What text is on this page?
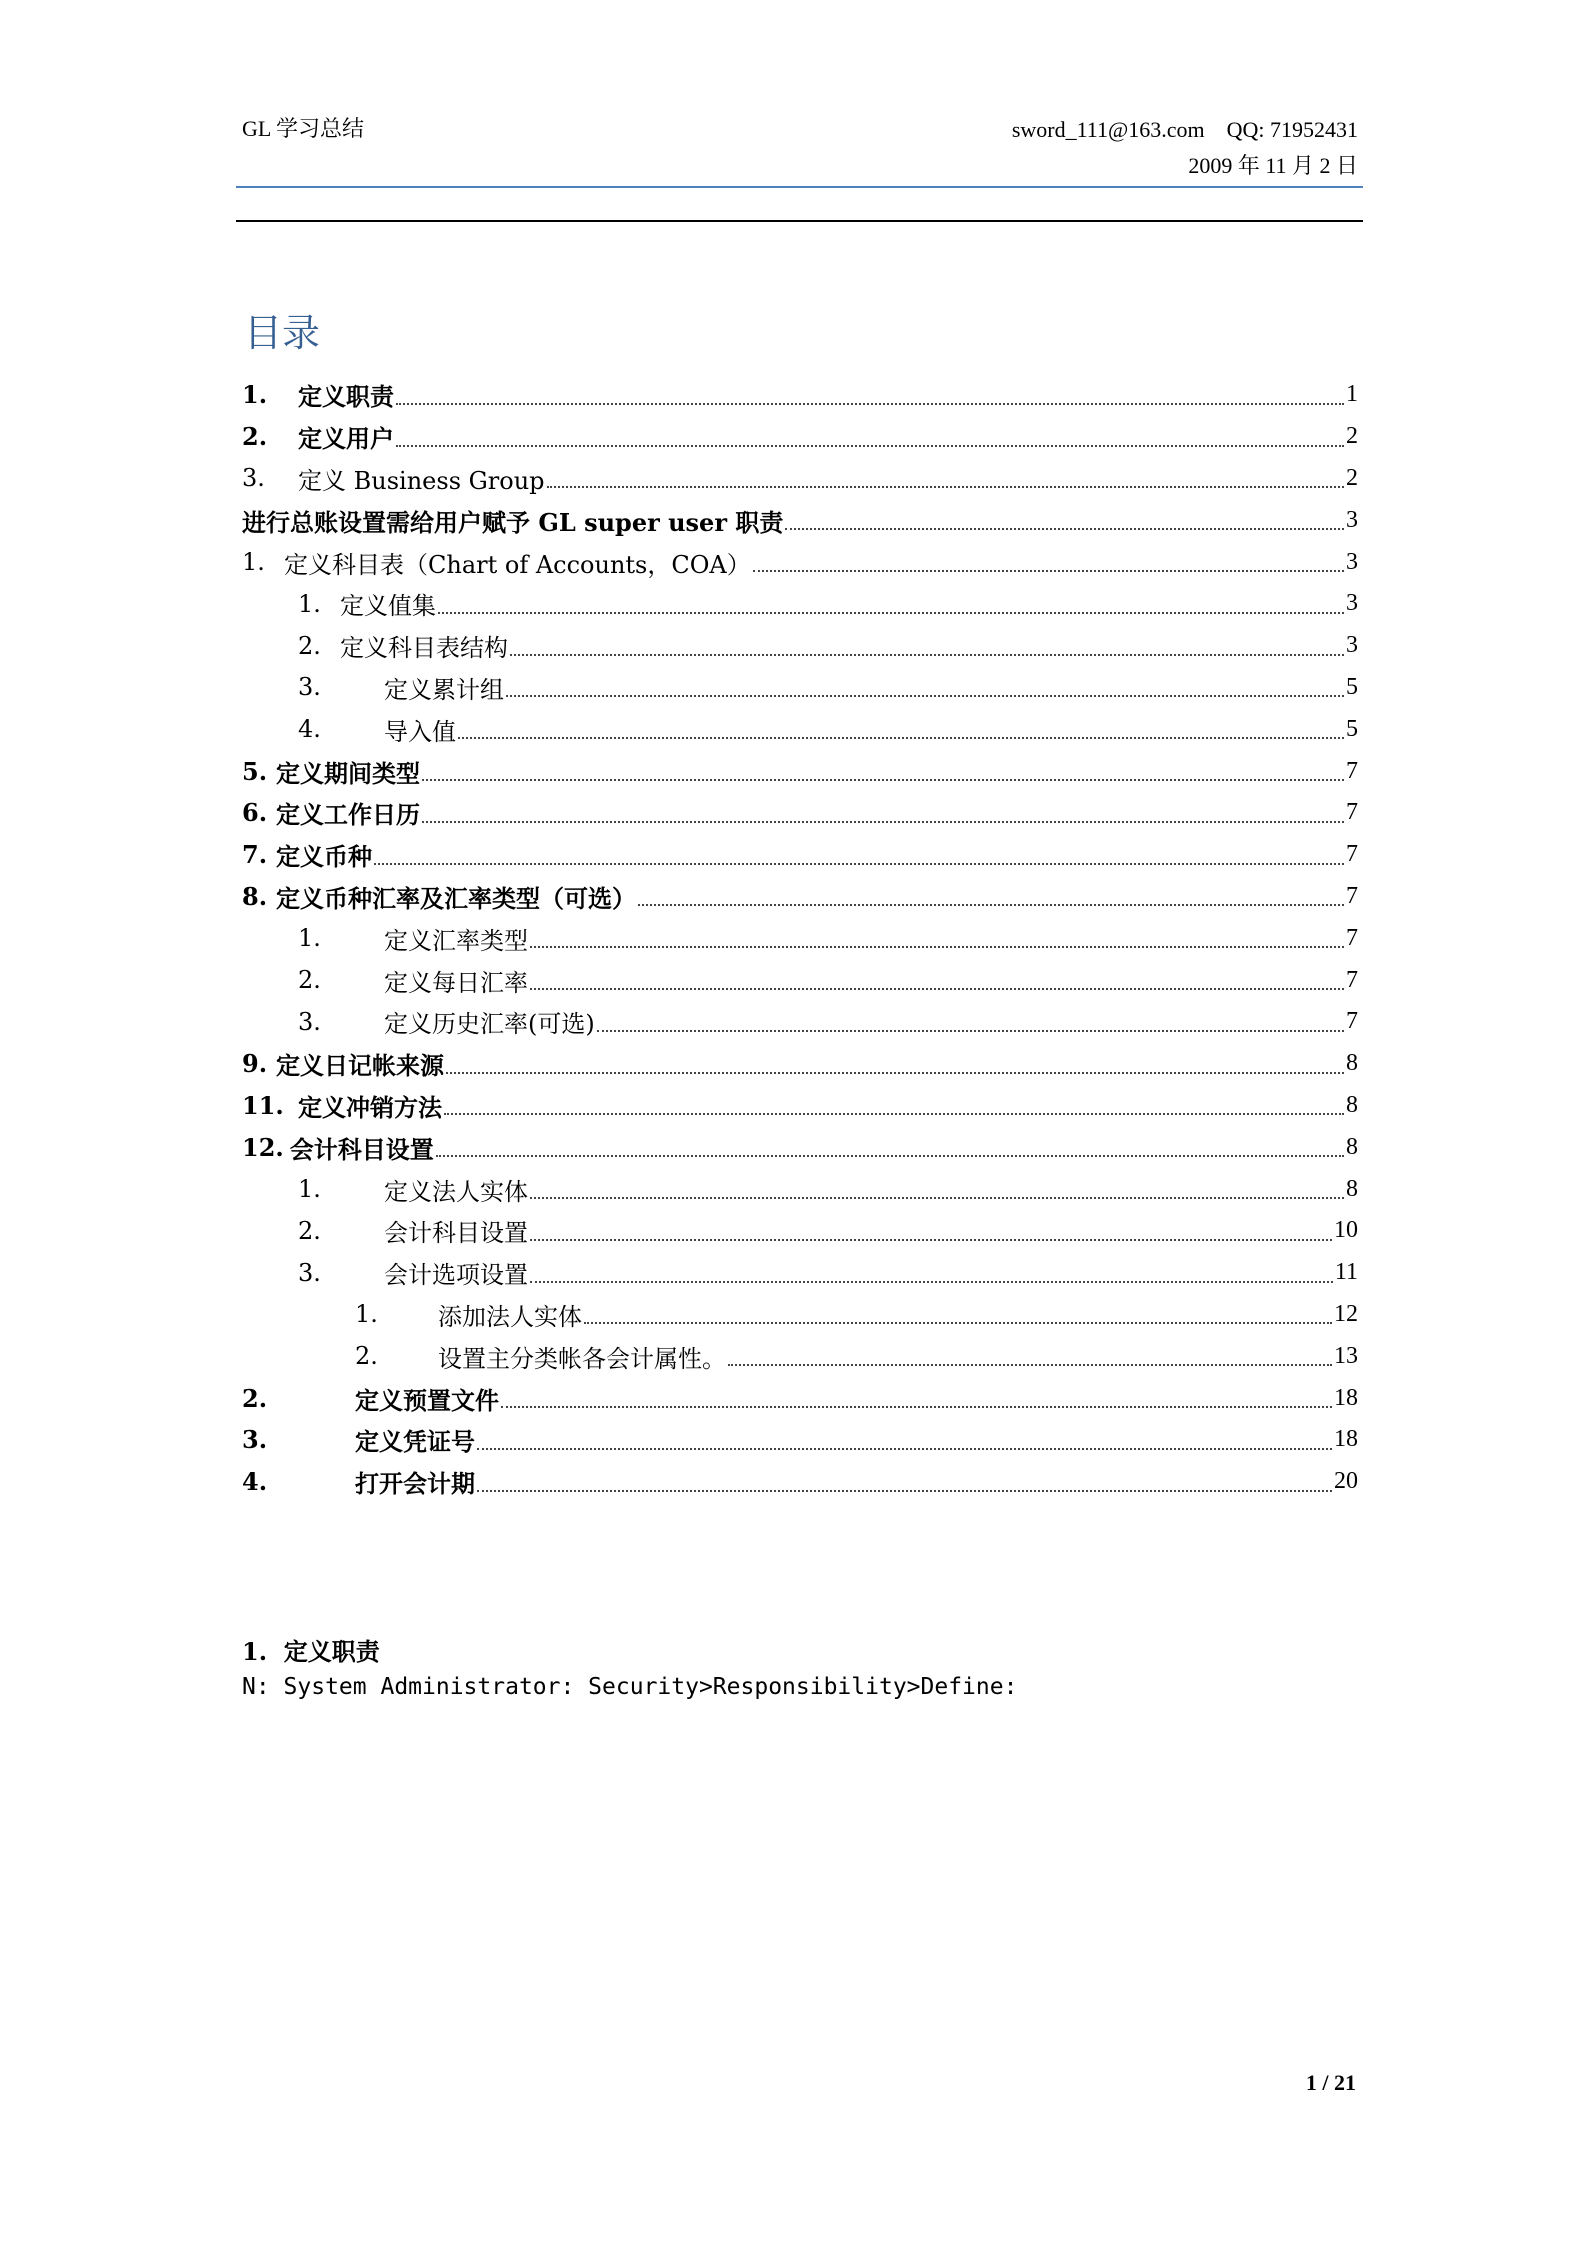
GL 学习总结	sword_111@163.com    QQ: 71952431
2009 年 11 月 2 日
目录
1.	定义职责	1
2.	定义用户	2
3.	定义 Business Group	2
进行总账设置需给用户赋予 GL super user 职责	3
1. 定义科目表（Chart of Accounts，COA）	3
1. 定义值集	3
2. 定义科目表结构	3
3.	定义累计组	5
4.	导入值	5
5. 定义期间类型	7
6. 定义工作日历	7
7. 定义币种	7
8. 定义币种汇率及汇率类型（可选）	7
1.	定义汇率类型	7
2.	定义每日汇率	7
3.	定义历史汇率(可选)	7
9. 定义日记帐来源	8
11. 定义冲销方法	8
12. 会计科目设置	8
1.	定义法人实体	8
2.	会计科目设置	10
3.	会计选项设置	11
1.	添加法人实体	12
2.	设置主分类帐各会计属性。	13
2.	定义预置文件	18
3.	定义凭证号	18
4.	打开会计期	20
1.  定义职责
N: System Administrator: Security>Responsibility>Define:
1 / 21
